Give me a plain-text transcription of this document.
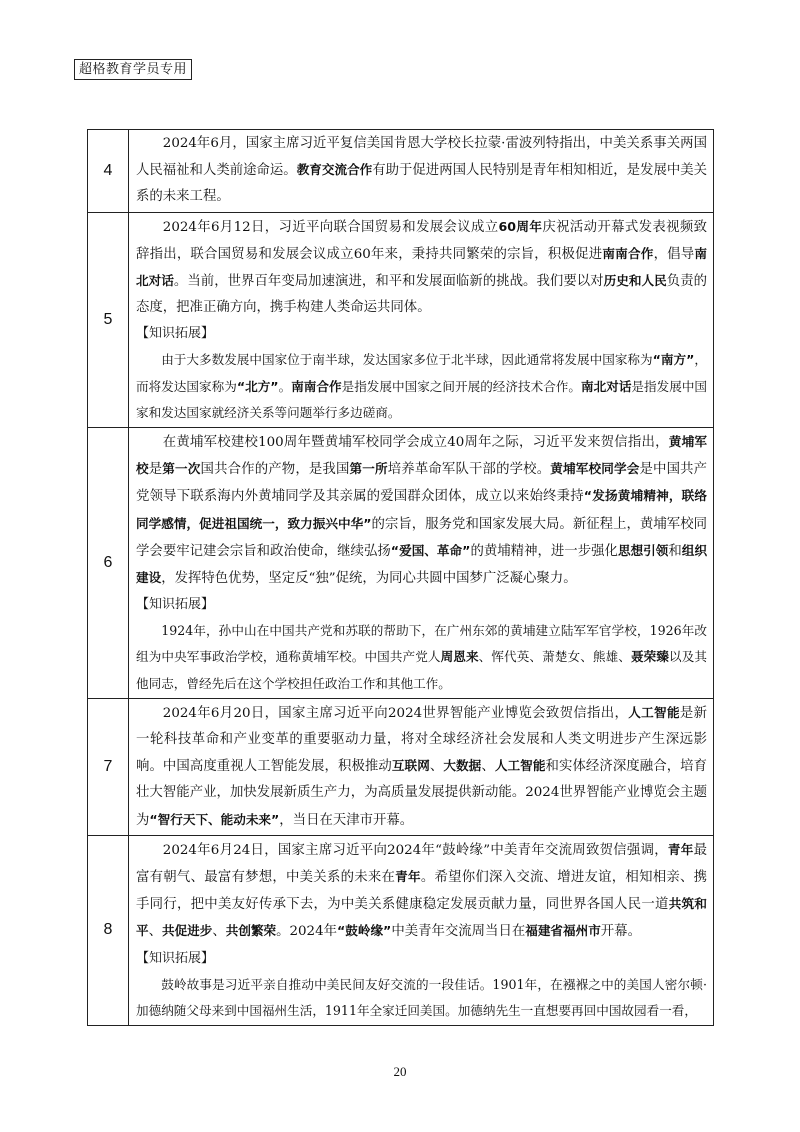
超格教育学员专用
4	2024年6月，国家主席习近平复信美国肯恩大学校长拉蒙·雷波列特指出，中美关系事关两国人民福祉和人类前途命运。教育交流合作有助于促进两国人民特别是青年相知相近，是发展中美关系的未来工程。

5	2024年6月12日，习近平向联合国贸易和发展会议成立60周年庆祝活动开幕式发表视频致辞指出，联合国贸易和发展会议成立60年来，秉持共同繁荣的宗旨，积极促进南南合作，倡导南北对话。当前，世界百年变局加速演进，和平和发展面临新的挑战。我们要以对历史和人民负责的态度，把准正确方向，携手构建人类命运共同体。

【知识拓展】

由于大多数发展中国家位于南半球，发达国家多位于北半球，因此通常将发展中国家称为“南方”，而将发达国家称为“北方”。南南合作是指发展中国家之间开展的经济技术合作。南北对话是指发展中国家和发达国家就经济关系等问题举行多边磋商。

6	在黄埔军校建校100周年暨黄埔军校同学会成立40周年之际，习近平发来贺信指出，黄埔军校是第一次国共合作的产物，是我国第一所培养革命军队干部的学校。黄埔军校同学会是中国共产党领导下联系海内外黄埔同学及其亲属的爱国群众团体，成立以来始终秉持“发扬黄埔精神，联络同学感情，促进祖国统一，致力振兴中华”的宗旨，服务党和国家发展大局。新征程上，黄埔军校同学会要牢记建会宗旨和政治使命，继续弘扬“爱国、革命”的黄埔精神，进一步强化思想引领和组织建设，发挥特色优势，坚定反“独”促统，为同心共圆中国梦广泛凝心聚力。

【知识拓展】

1924年，孙中山在中国共产党和苏联的帮助下，在广州东郊的黄埔建立陆军军官学校，1926年改组为中央军事政治学校，通称黄埔军校。中国共产党人周恩来、恽代英、萧楚女、熊雄、聂荣臻以及其他同志，曾经先后在这个学校担任政治工作和其他工作。

7	2024年6月20日，国家主席习近平向2024世界智能产业博览会致贺信指出，人工智能是新一轮科技革命和产业变革的重要驱动力量，将对全球经济社会发展和人类文明进步产生深远影响。中国高度重视人工智能发展，积极推动互联网、大数据、人工智能和实体经济深度融合，培育壮大智能产业，加快发展新质生产力，为高质量发展提供新动能。2024世界智能产业博览会主题为“智行天下、能动未来”，当日在天津市开幕。

8	2024年6月24日，国家主席习近平向2024年“鼓岭缘”中美青年交流周致贺信强调，青年最富有朝气、最富有梦想，中美关系的未来在青年。希望你们深入交流、增进友谊，相知相亲、携手同行，把中美友好传承下去，为中美关系健康稳定发展贡献力量，同世界各国人民一道共筑和平、共促进步、共创繁荣。2024年“鼓岭缘”中美青年交流周当日在福建省福州市开幕。

【知识拓展】

鼓岭故事是习近平亲自推动中美民间友好交流的一段佳话。1901年，在襁褓之中的美国人密尔顿·加德纳随父母来到中国福州生活，1911年全家迁回美国。加德纳先生一直想要再回中国故园看一看，

20
